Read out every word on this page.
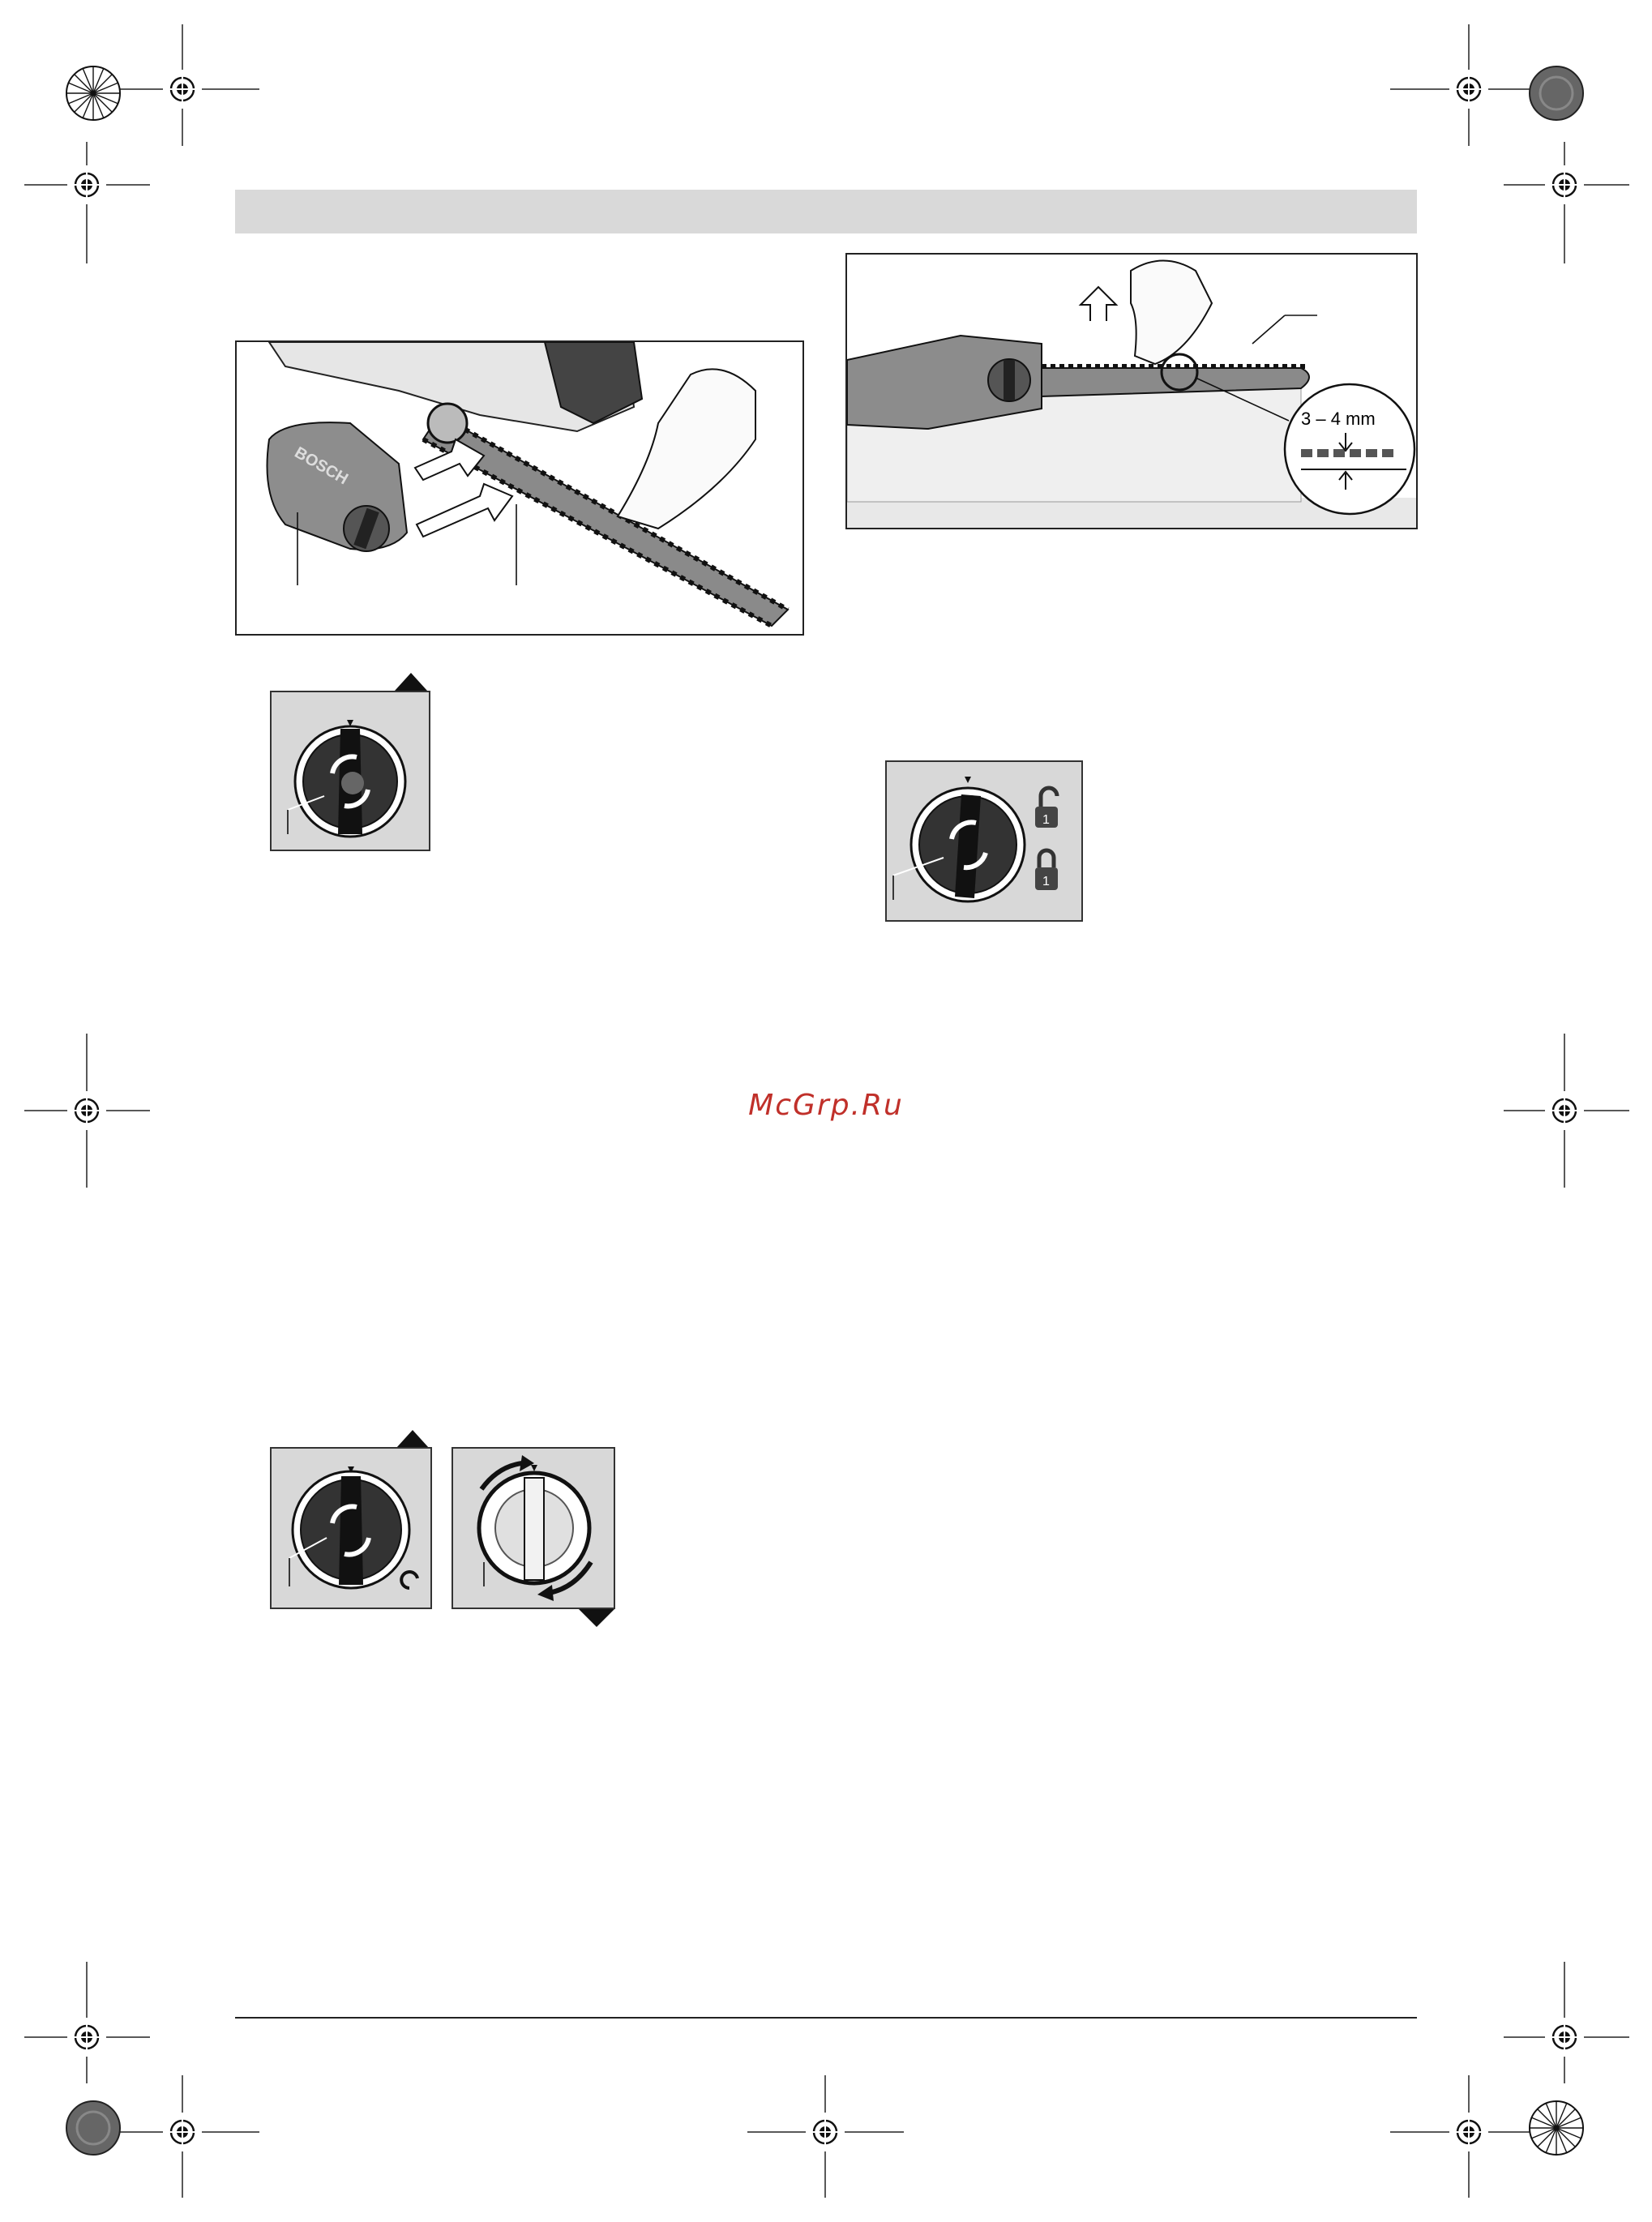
BOSCH
3 – 4 mm
1
1
McGrp.Ru
